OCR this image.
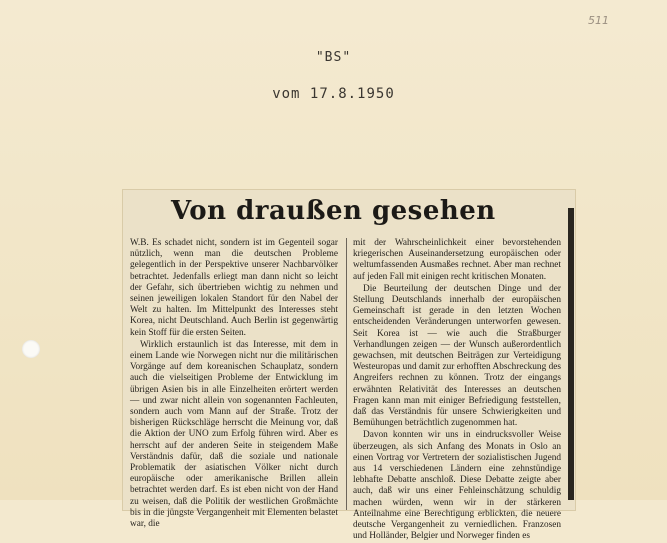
511
"BS"
vom 17.8.1950
Von draußen gesehen

W.B. Es schadet nicht, sondern ist im Gegenteil sogar nützlich, wenn man die deutschen Probleme gelegentlich in der Perspektive unserer Nachbarvölker betrachtet. Jedenfalls erliegt man dann nicht so leicht der Gefahr, sich übertrieben wichtig zu nehmen und seinen jeweiligen lokalen Standort für den Nabel der Welt zu halten. Im Mittelpunkt des Interesses steht Korea, nicht Deutschland. Auch Berlin ist gegenwärtig kein Stoff für die ersten Seiten.

Wirklich erstaunlich ist das Interesse, mit dem in einem Lande wie Norwegen nicht nur die militärischen Vorgänge auf dem koreanischen Schauplatz, sondern auch die vielseitigen Probleme der Entwicklung im übrigen Asien bis in alle Einzelheiten erörtert werden — und zwar nicht allein von sogenannten Fachleuten, sondern auch vom Mann auf der Straße. Trotz der bisherigen Rückschläge herrscht die Meinung vor, daß die Aktion der UNO zum Erfolg führen wird. Aber es herrscht auf der anderen Seite in steigendem Maße Verständnis dafür, daß die soziale und nationale Problematik der asiatischen Völker nicht durch europäische oder amerikanische Brillen allein betrachtet werden darf. Es ist eben nicht von der Hand zu weisen, daß die Politik der westlichen Großmächte bis in die jüngste Vergangenheit mit Elementen belastet war, die

mit der Wahrscheinlichkeit einer bevorstehenden kriegerischen Auseinandersetzung europäischen oder weltumfassenden Ausmaßes rechnet. Aber man rechnet auf jeden Fall mit einigen recht kritischen Monaten.

Die Beurteilung der deutschen Dinge und der Stellung Deutschlands innerhalb der europäischen Gemeinschaft ist gerade in den letzten Wochen entscheidenden Veränderungen unterworfen gewesen. Seit Korea ist — wie auch die Straßburger Verhandlungen zeigen — der Wunsch außerordentlich gewachsen, mit deutschen Beiträgen zur Verteidigung Westeuropas und damit zur erhofften Abschreckung des Angreifers rechnen zu können. Trotz der eingangs erwähnten Relativität des Interesses an deutschen Fragen kann man mit einiger Befriedigung feststellen, daß das Verständnis für unsere Schwierigkeiten und Bemühungen beträchtlich zugenommen hat.

Davon konnten wir uns in eindrucksvoller Weise überzeugen, als sich Anfang des Monats in Oslo an einen Vortrag vor Vertretern der sozialistischen Jugend aus 14 verschiedenen Ländern eine zehnstündige lebhafte Debatte anschloß. Diese Debatte zeigte aber auch, daß wir uns einer Fehleinschätzung schuldig machen würden, wenn wir in der stärkeren Anteilnahme eine Berechtigung erblickten, die neuere deutsche Vergangenheit zu verniedlichen. Franzosen und Holländer, Belgier und Norweger finden es
